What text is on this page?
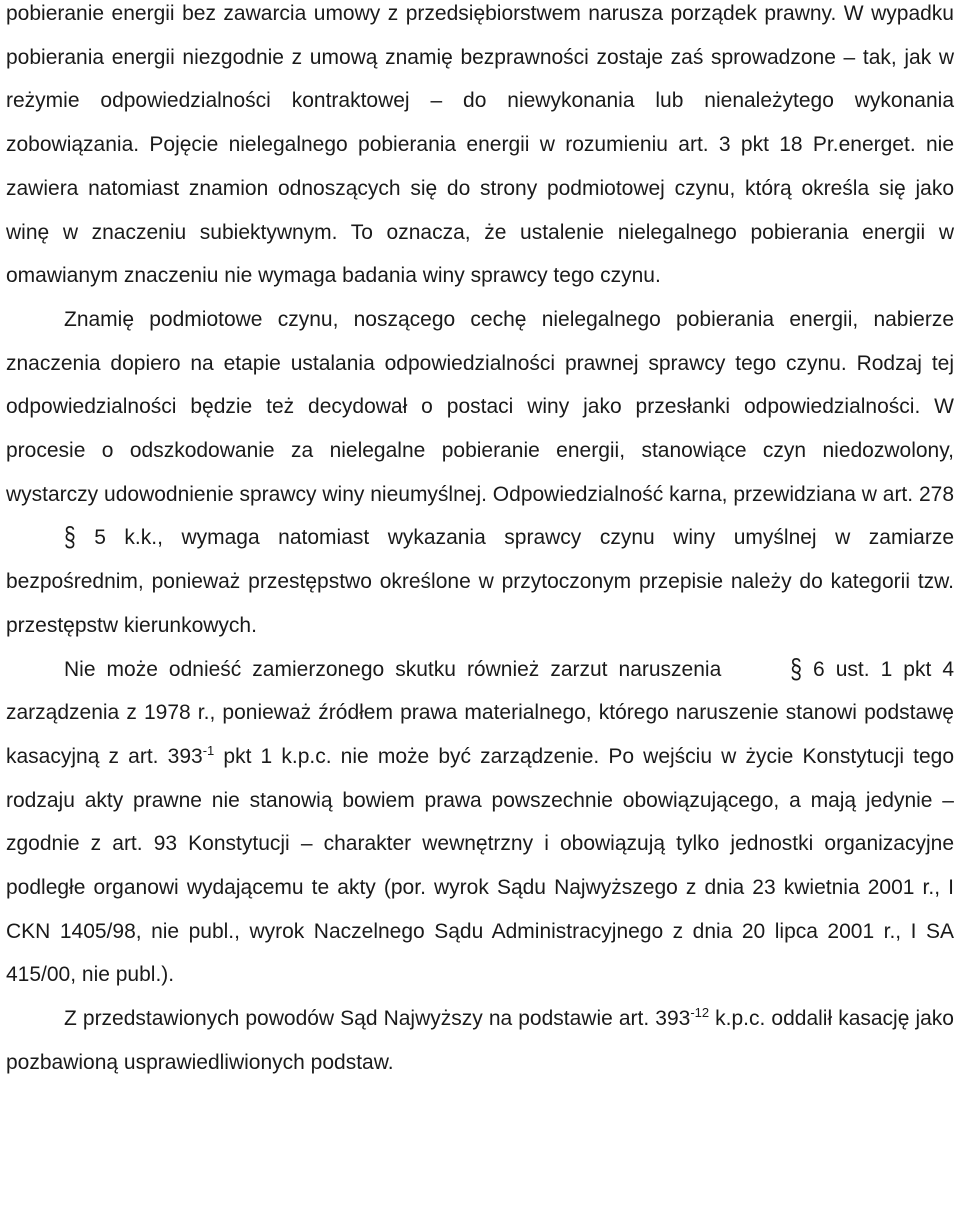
pobieranie energii bez zawarcia umowy z przedsiębiorstwem narusza porządek prawny. W wypadku pobierania energii niezgodnie z umową znamię bezprawności zostaje zaś sprowadzone – tak, jak w reżymie odpowiedzialności kontraktowej – do niewykonania lub nienależytego wykonania zobowiązania. Pojęcie nielegalnego pobierania energii w rozumieniu art. 3 pkt 18 Pr.energet. nie zawiera natomiast znamion odnoszących się do strony podmiotowej czynu, którą określa się jako winę w znaczeniu subiektywnym. To oznacza, że ustalenie nielegalnego pobierania energii w omawianym znaczeniu nie wymaga badania winy sprawcy tego czynu.

Znamię podmiotowe czynu, noszącego cechę nielegalnego pobierania energii, nabierze znaczenia dopiero na etapie ustalania odpowiedzialności prawnej sprawcy tego czynu. Rodzaj tej odpowiedzialności będzie też decydował o postaci winy jako przesłanki odpowiedzialności. W procesie o odszkodowanie za nielegalne pobieranie energii, stanowiące czyn niedozwolony, wystarczy udowodnienie sprawcy winy nieumyślnej. Odpowiedzialność karna, przewidziana w art. 278 § 5 k.k., wymaga natomiast wykazania sprawcy czynu winy umyślnej w zamiarze bezpośrednim, ponieważ przestępstwo określone w przytoczonym przepisie należy do kategorii tzw. przestępstw kierunkowych.

Nie może odnieść zamierzonego skutku również zarzut naruszenia	§ 6 ust. 1 pkt 4 zarządzenia z 1978 r., ponieważ źródłem prawa materialnego, którego naruszenie stanowi podstawę kasacyjną z art. $393^{-1}$ pkt 1 k.p.c. nie może być zarządzenie. Po wejściu w życie Konstytucji tego rodzaju akty prawne nie stanowią bowiem prawa powszechnie obowiązującego, a mają jedynie – zgodnie z art. 93 Konstytucji – charakter wewnętrzny i obowiązują tylko jednostki organizacyjne podległe organowi wydającemu te akty (por. wyrok Sądu Najwyższego z dnia 23 kwietnia 2001 r., I CKN 1405/98, nie publ., wyrok Naczelnego Sądu Administracyjnego z dnia 20 lipca 2001 r., I SA 415/00, nie publ.).

Z przedstawionych powodów Sąd Najwyższy na podstawie art. $393^{-12}$ k.p.c. oddalił kasację jako pozbawioną usprawiedliwionych podstaw.
